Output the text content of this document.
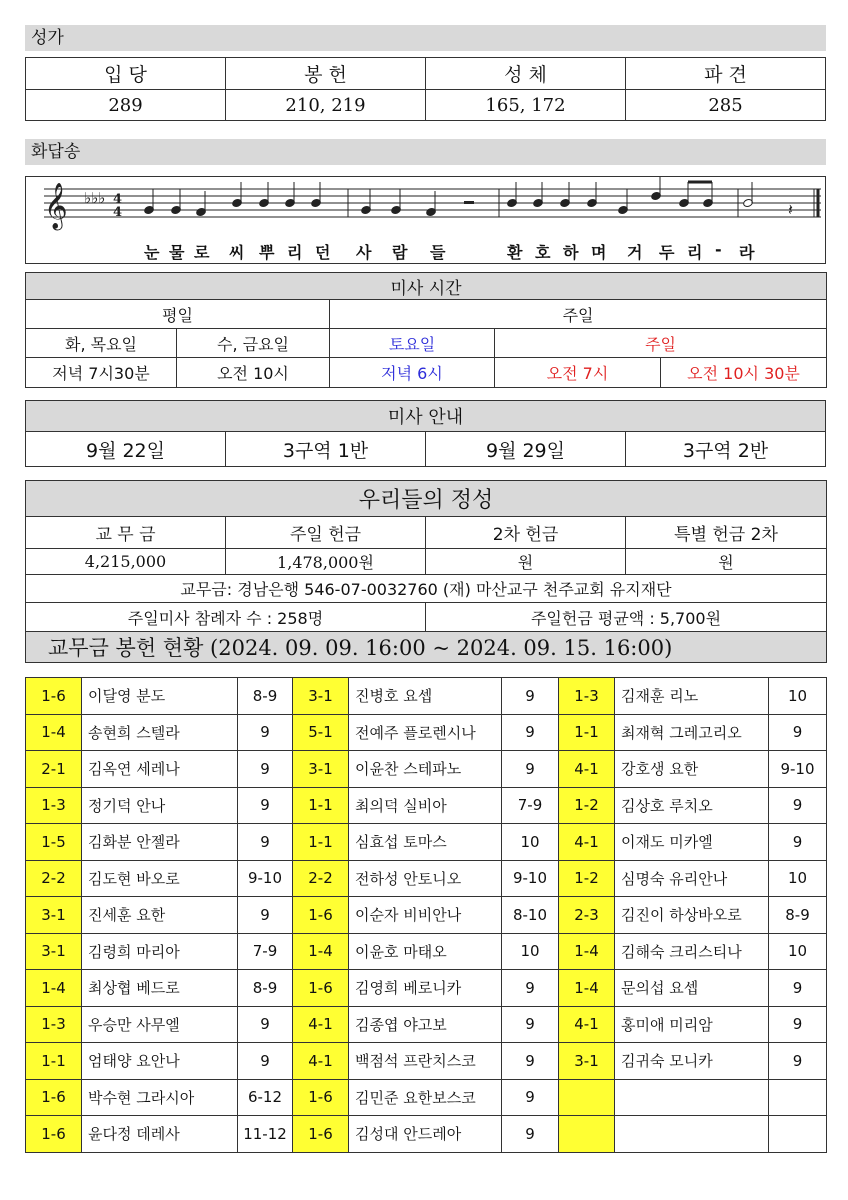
성가
입 당	봉 헌	성 체	파 견
289	210, 219	165, 172	285
화답송
𝄞 ♭♭♭ 4
4	𝄽
눈 물 로 씨 뿌 리 던 사 람 들	환 호 하 며 거 두 리 - 라
미사 시간				
평일		주일		
화, 목요일	수, 금요일	토요일	주일	
저녁 7시30분	오전 10시	저녁 6시	오전 7시	오전 10시 30분
미사 안내
9월 22일	3구역 1반	9월 29일	3구역 2반
우리들의 정성			
교 무 금	주일 헌금	2차 헌금	특별 헌금 2차
4,215,000	1,478,000원	원	원
교무금: 경남은행 546-07-0032760 (재) 마산교구 천주교회 유지재단			
주일미사 참례자 수 : 258명		주일헌금 평균액 : 5,700원	
교무금 봉헌 현황 (2024. 09. 09. 16:00 ~ 2024. 09. 15. 16:00)			
1-6	이달영 분도	8-9	3-1	진병호 요셉	9	1-3	김재훈 리노	10
1-4	송현희 스텔라	9	5-1	전예주 플로렌시나	9	1-1	최재혁 그레고리오	9
2-1	김옥연 세레나	9	3-1	이윤찬 스테파노	9	4-1	강호생 요한	9-10
1-3	정기덕 안나	9	1-1	최의덕 실비아	7-9	1-2	김상호 루치오	9
1-5	김화분 안젤라	9	1-1	심효섭 토마스	10	4-1	이재도 미카엘	9
2-2	김도현 바오로	9-10	2-2	전하성 안토니오	9-10	1-2	심명숙 유리안나	10
3-1	진세훈 요한	9	1-6	이순자 비비안나	8-10	2-3	김진이 하상바오로	8-9
3-1	김령희 마리아	7-9	1-4	이윤호 마태오	10	1-4	김해숙 크리스티나	10
1-4	최상협 베드로	8-9	1-6	김영희 베로니카	9	1-4	문의섭 요셉	9
1-3	우승만 사무엘	9	4-1	김종엽 야고보	9	4-1	홍미애 미리암	9
1-1	엄태양 요안나	9	4-1	백점석 프란치스코	9	3-1	김귀숙 모니카	9
1-6	박수현 그라시아	6-12	1-6	김민준 요한보스코	9			
1-6	윤다정 데레사	11-12	1-6	김성대 안드레아	9			
